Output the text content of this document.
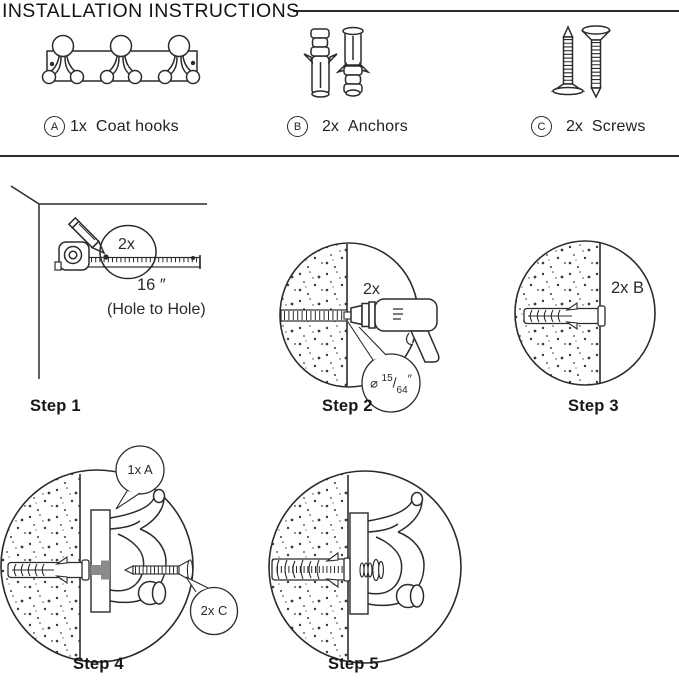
INSTALLATION INSTRUCTIONS
A 1x Coat hooks	B	2x Anchors	C	2x Screws
2x
16 ″
(Hole to Hole)
Step 1
2x
⌀ $^{15}/_{64}''$
Step 2
2x B
Step 3
1x A
2x C
Step 4	Step 5
